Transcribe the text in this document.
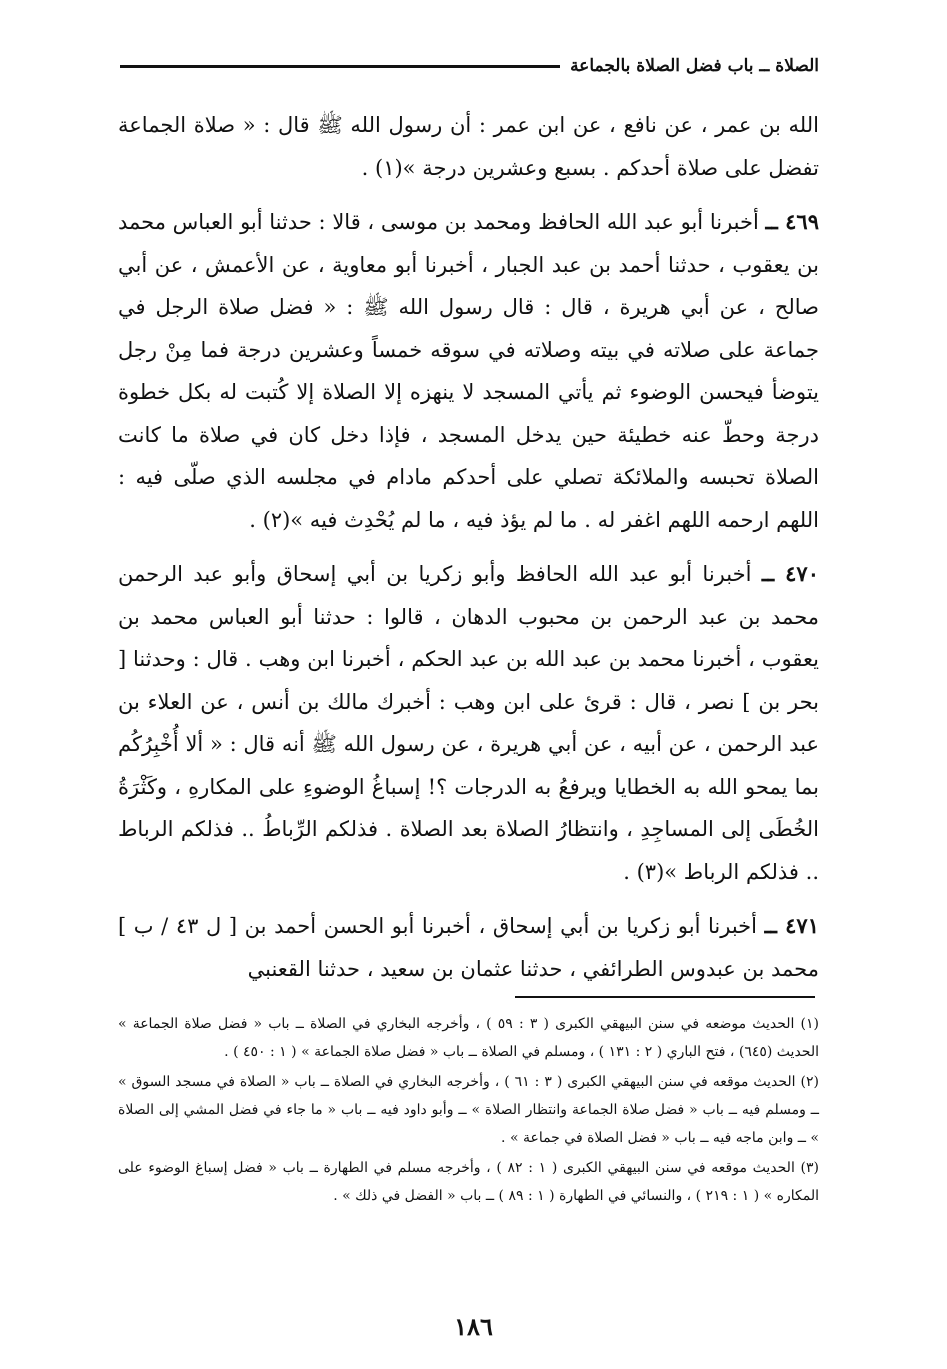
الصلاة ــ باب فضل الصلاة بالجماعة

الله بن عمر ، عن نافع ، عن ابن عمر : أن رسول الله ﷺ قال : « صلاة الجماعة تفضل على صلاة أحدكم . بسبع وعشرين درجة »(١) .

٤٦٩ ــ أخبرنا أبو عبد الله الحافظ ومحمد بن موسى ، قالا : حدثنا أبو العباس محمد بن يعقوب ، حدثنا أحمد بن عبد الجبار ، أخبرنا أبو معاوية ، عن الأعمش ، عن أبي صالح ، عن أبي هريرة ، قال : قال رسول الله ﷺ : « فضل صلاة الرجل في جماعة على صلاته في بيته وصلاته في سوقه خمساً وعشرين درجة فما مِنْ رجل يتوضأ فيحسن الوضوء ثم يأتي المسجد لا ينهزه إلا الصلاة إلا كُتبت له بكل خطوة درجة وحطّ عنه خطيئة حين يدخل المسجد ، فإذا دخل كان في صلاة ما كانت الصلاة تحبسه والملائكة تصلي على أحدكم مادام في مجلسه الذي صلّى فيه : اللهم ارحمه اللهم اغفر له . ما لم يؤذ فيه ، ما لم يُحْدِث فيه »(٢) .

٤٧٠ ــ أخبرنا أبو عبد الله الحافظ وأبو زكريا بن أبي إسحاق وأبو عبد الرحمن محمد بن عبد الرحمن بن محبوب الدهان ، قالوا : حدثنا أبو العباس محمد بن يعقوب ، أخبرنا محمد بن عبد الله بن عبد الحكم ، أخبرنا ابن وهب . قال : وحدثنا [ بحر بن ] نصر ، قال : قرئ على ابن وهب : أخبرك مالك بن أنس ، عن العلاء بن عبد الرحمن ، عن أبيه ، عن أبي هريرة ، عن رسول الله ﷺ أنه قال : « ألا أُخْبِرُكُم بما يمحو الله به الخطايا ويرفعُ به الدرجات ؟! إسباغُ الوضوءِ على المكارهِ ، وكَثْرَةُ الخُطَى إلى المساجِدِ ، وانتظارُ الصلاة بعد الصلاة . فذلكم الرِّباطُ .. فذلكم الرباط .. فذلكم الرباط »(٣) .

٤٧١ ــ أخبرنا أبو زكريا بن أبي إسحاق ، أخبرنا أبو الحسن أحمد بن [ ل ٤٣ / ب ] محمد بن عبدوس الطرائفي ، حدثنا عثمان بن سعيد ، حدثنا القعنبي

(١) الحديث موضعه في سنن البيهقي الكبرى ( ٣ : ٥٩ ) ، وأخرجه البخاري في الصلاة ــ باب « فضل صلاة الجماعة » الحديث (٦٤٥) ، فتح الباري ( ٢ : ١٣١ ) ، ومسلم في الصلاة ــ باب « فضل صلاة الجماعة » ( ١ : ٤٥٠ ) .

(٢) الحديث موقعه في سنن البيهقي الكبرى ( ٣ : ٦١ ) ، وأخرجه البخاري في الصلاة ــ باب « الصلاة في مسجد السوق » ــ ومسلم فيه ــ باب « فضل صلاة الجماعة وانتظار الصلاة » ــ وأبو داود فيه ــ باب « ما جاء في فضل المشي إلى الصلاة » ــ وابن ماجه فيه ــ باب « فضل الصلاة في جماعة » .

(٣) الحديث موقعه في سنن البيهقي الكبرى ( ١ : ٨٢ ) ، وأخرجه مسلم في الطهارة ــ باب « فضل إسباغ الوضوء على المكاره » ( ١ : ٢١٩ ) ، والنسائي في الطهارة ( ١ : ٨٩ ) ــ باب « الفضل في ذلك » .

١٨٦
